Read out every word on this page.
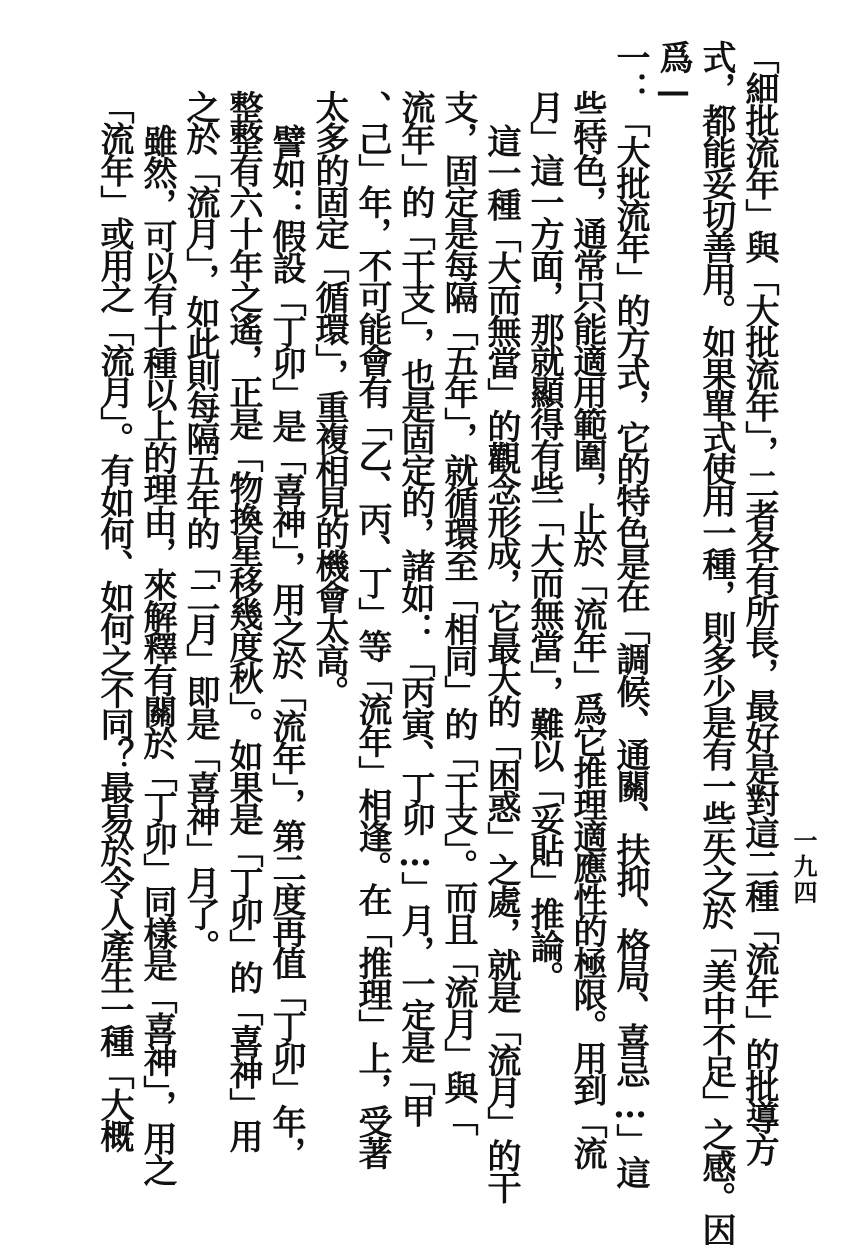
一九四
「細批流年」與「大批流年」，二者各有所長，最好是對這二種「流年」的批導方
式，都能妥切善用。如果單式使用一種，則多少是有一些失之於「美中不足」之感。因
爲—
一：「大批流年」的方式，它的特色是在「調候、通關、扶抑、格局、喜忌…」這
些特色，通常只能適用範圍，止於「流年」爲它推理適應性的極限。用到「流
月」這一方面，那就顯得有些「大而無當」，難以「妥貼」推論。
這一種「大而無當」的觀念形成，它最大的「困惑」之處，就是「流月」的干
支，固定是每隔「五年」，就循環至「相同」的「干支」。而且「流月」與「
流年」的「干支」，也是固定的，諸如：「丙寅、丁卯…」月，一定是「甲
、己」年，不可能會有「乙、丙、丁」等「流年」相逢。在「推理」上，受著
太多的固定「循環」，重複相見的機會太高。
譬如：假設「丁卯」是「喜神」，用之於「流年」，第二度再值「丁卯」年，
整整有六十年之遙，正是「物換星移幾度秋」。如果是「丁卯」的「喜神」用
之於「流月」，如此則每隔五年的「二月」即是「喜神」月了。
雖然，可以有十種以上的理由，來解釋有關於「丁卯」同樣是「喜神」，用之
「流年」或用之「流月」。有如何、如何之不同？最易於令人產生一種「大概
